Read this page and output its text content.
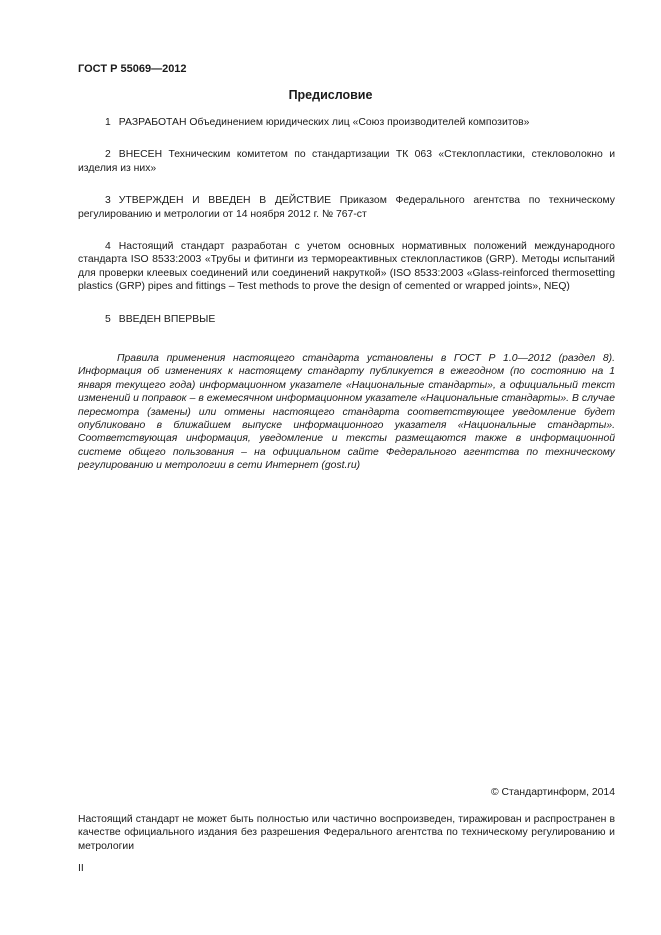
ГОСТ Р 55069—2012
Предисловие

1 РАЗРАБОТАН Объединением юридических лиц «Союз производителей композитов»

2 ВНЕСЕН Техническим комитетом по стандартизации ТК 063 «Стеклопластики, стекловолокно и изделия из них»

3 УТВЕРЖДЕН И ВВЕДЕН В ДЕЙСТВИЕ Приказом Федерального агентства по техническому регулированию и метрологии от 14 ноября 2012 г. № 767-ст

4 Настоящий стандарт разработан с учетом основных нормативных положений международного стандарта ISO 8533:2003 «Трубы и фитинги из термореактивных стеклопластиков (GRP). Методы испытаний для проверки клеевых соединений или соединений накруткой» (ISO 8533:2003 «Glass-reinforced thermosetting plastics (GRP) pipes and fittings – Test methods to prove the design of cemented or wrapped joints», NEQ)

5 ВВЕДЕН ВПЕРВЫЕ

Правила применения настоящего стандарта установлены в ГОСТ Р 1.0—2012 (раздел 8). Информация об изменениях к настоящему стандарту публикуется в ежегодном (по состоянию на 1 января текущего года) информационном указателе «Национальные стандарты», а официальный текст изменений и поправок – в ежемесячном информационном указателе «Национальные стандарты». В случае пересмотра (замены) или отмены настоящего стандарта соответствующее уведомление будет опубликовано в ближайшем выпуске информационного указателя «Национальные стандарты». Соответствующая информация, уведомление и тексты размещаются также в информационной системе общего пользования – на официальном сайте Федерального агентства по техническому регулированию и метрологии в сети Интернет (gost.ru)
© Стандартинформ, 2014
Настоящий стандарт не может быть полностью или частично воспроизведен, тиражирован и распространен в качестве официального издания без разрешения Федерального агентства по техническому регулированию и метрологии
II
